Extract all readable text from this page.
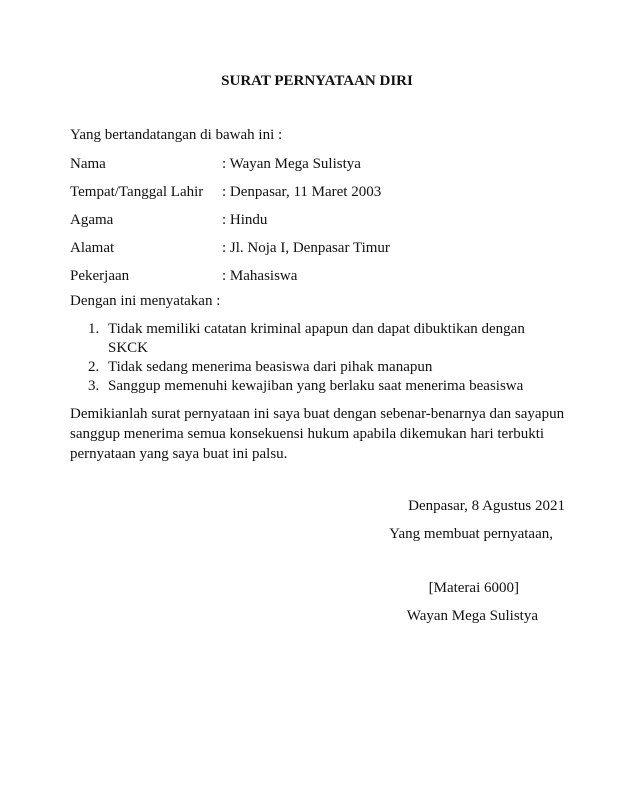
SURAT PERNYATAAN DIRI
Yang bertandatangan di bawah ini :
Nama	: Wayan Mega Sulistya
Tempat/Tanggal Lahir : Denpasar, 11 Maret 2003
Agama	: Hindu
Alamat	: Jl. Noja I, Denpasar Timur
Pekerjaan	: Mahasiswa
Dengan ini menyatakan :
1. Tidak memiliki catatan kriminal apapun dan dapat dibuktikan dengan SKCK
2. Tidak sedang menerima beasiswa dari pihak manapun
3. Sanggup memenuhi kewajiban yang berlaku saat menerima beasiswa
Demikianlah surat pernyataan ini saya buat dengan sebenar-benarnya dan sayapun sanggup menerima semua konsekuensi hukum apabila dikemukan hari terbukti pernyataan yang saya buat ini palsu.
Denpasar, 8 Agustus 2021
Yang membuat pernyataan,
[Materai 6000]
Wayan Mega Sulistya
